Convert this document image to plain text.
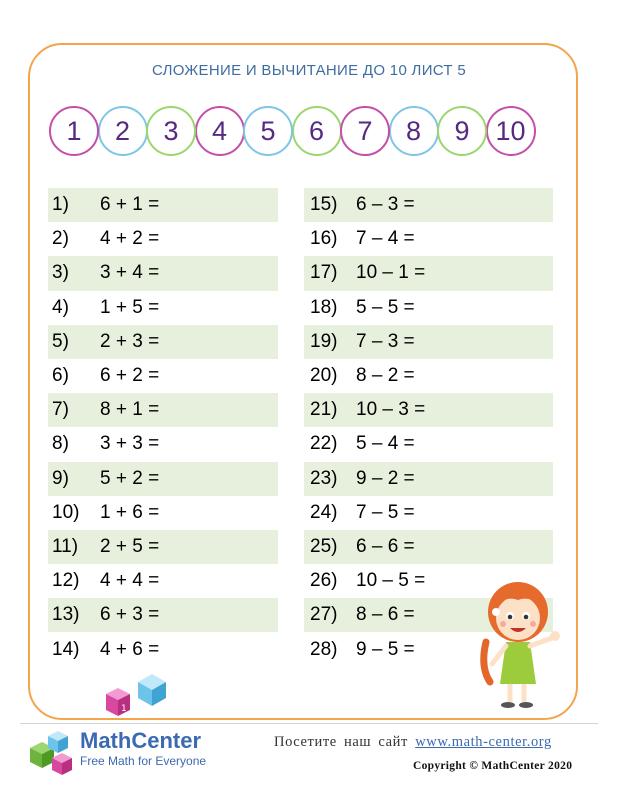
СЛОЖЕНИЕ И ВЫЧИТАНИЕ ДО 10 ЛИСТ 5
1	2	3	4	5	6	7	8	9 10
1)	6 + 1 =
2)	4 + 2 =
3)	3 + 4 =
4)	1 + 5 =
5)	2 + 3 =
6)	6 + 2 =
7)	8 + 1 =
8)	3 + 3 =
9)	5 + 2 =
10)	1 + 6 =
11)	2 + 5 =
12)	4 + 4 =
13)	6 + 3 =
14)	4 + 6 =
15) 6 – 3 =
16) 7 – 4 =
17) 10 – 1 =
18) 5 – 5 =
19) 7 – 3 =
20) 8 – 2 =
21) 10 – 3 =
22) 5 – 4 =
23) 9 – 2 =
24) 7 – 5 =
25) 6 – 6 =
26) 10 – 5 =
27) 8 – 6 =
28) 9 – 5 =
1
MathCenter
Free Math for Everyone
Посетите наш сайт www.math-center.org
Copyright © MathCenter 2020
